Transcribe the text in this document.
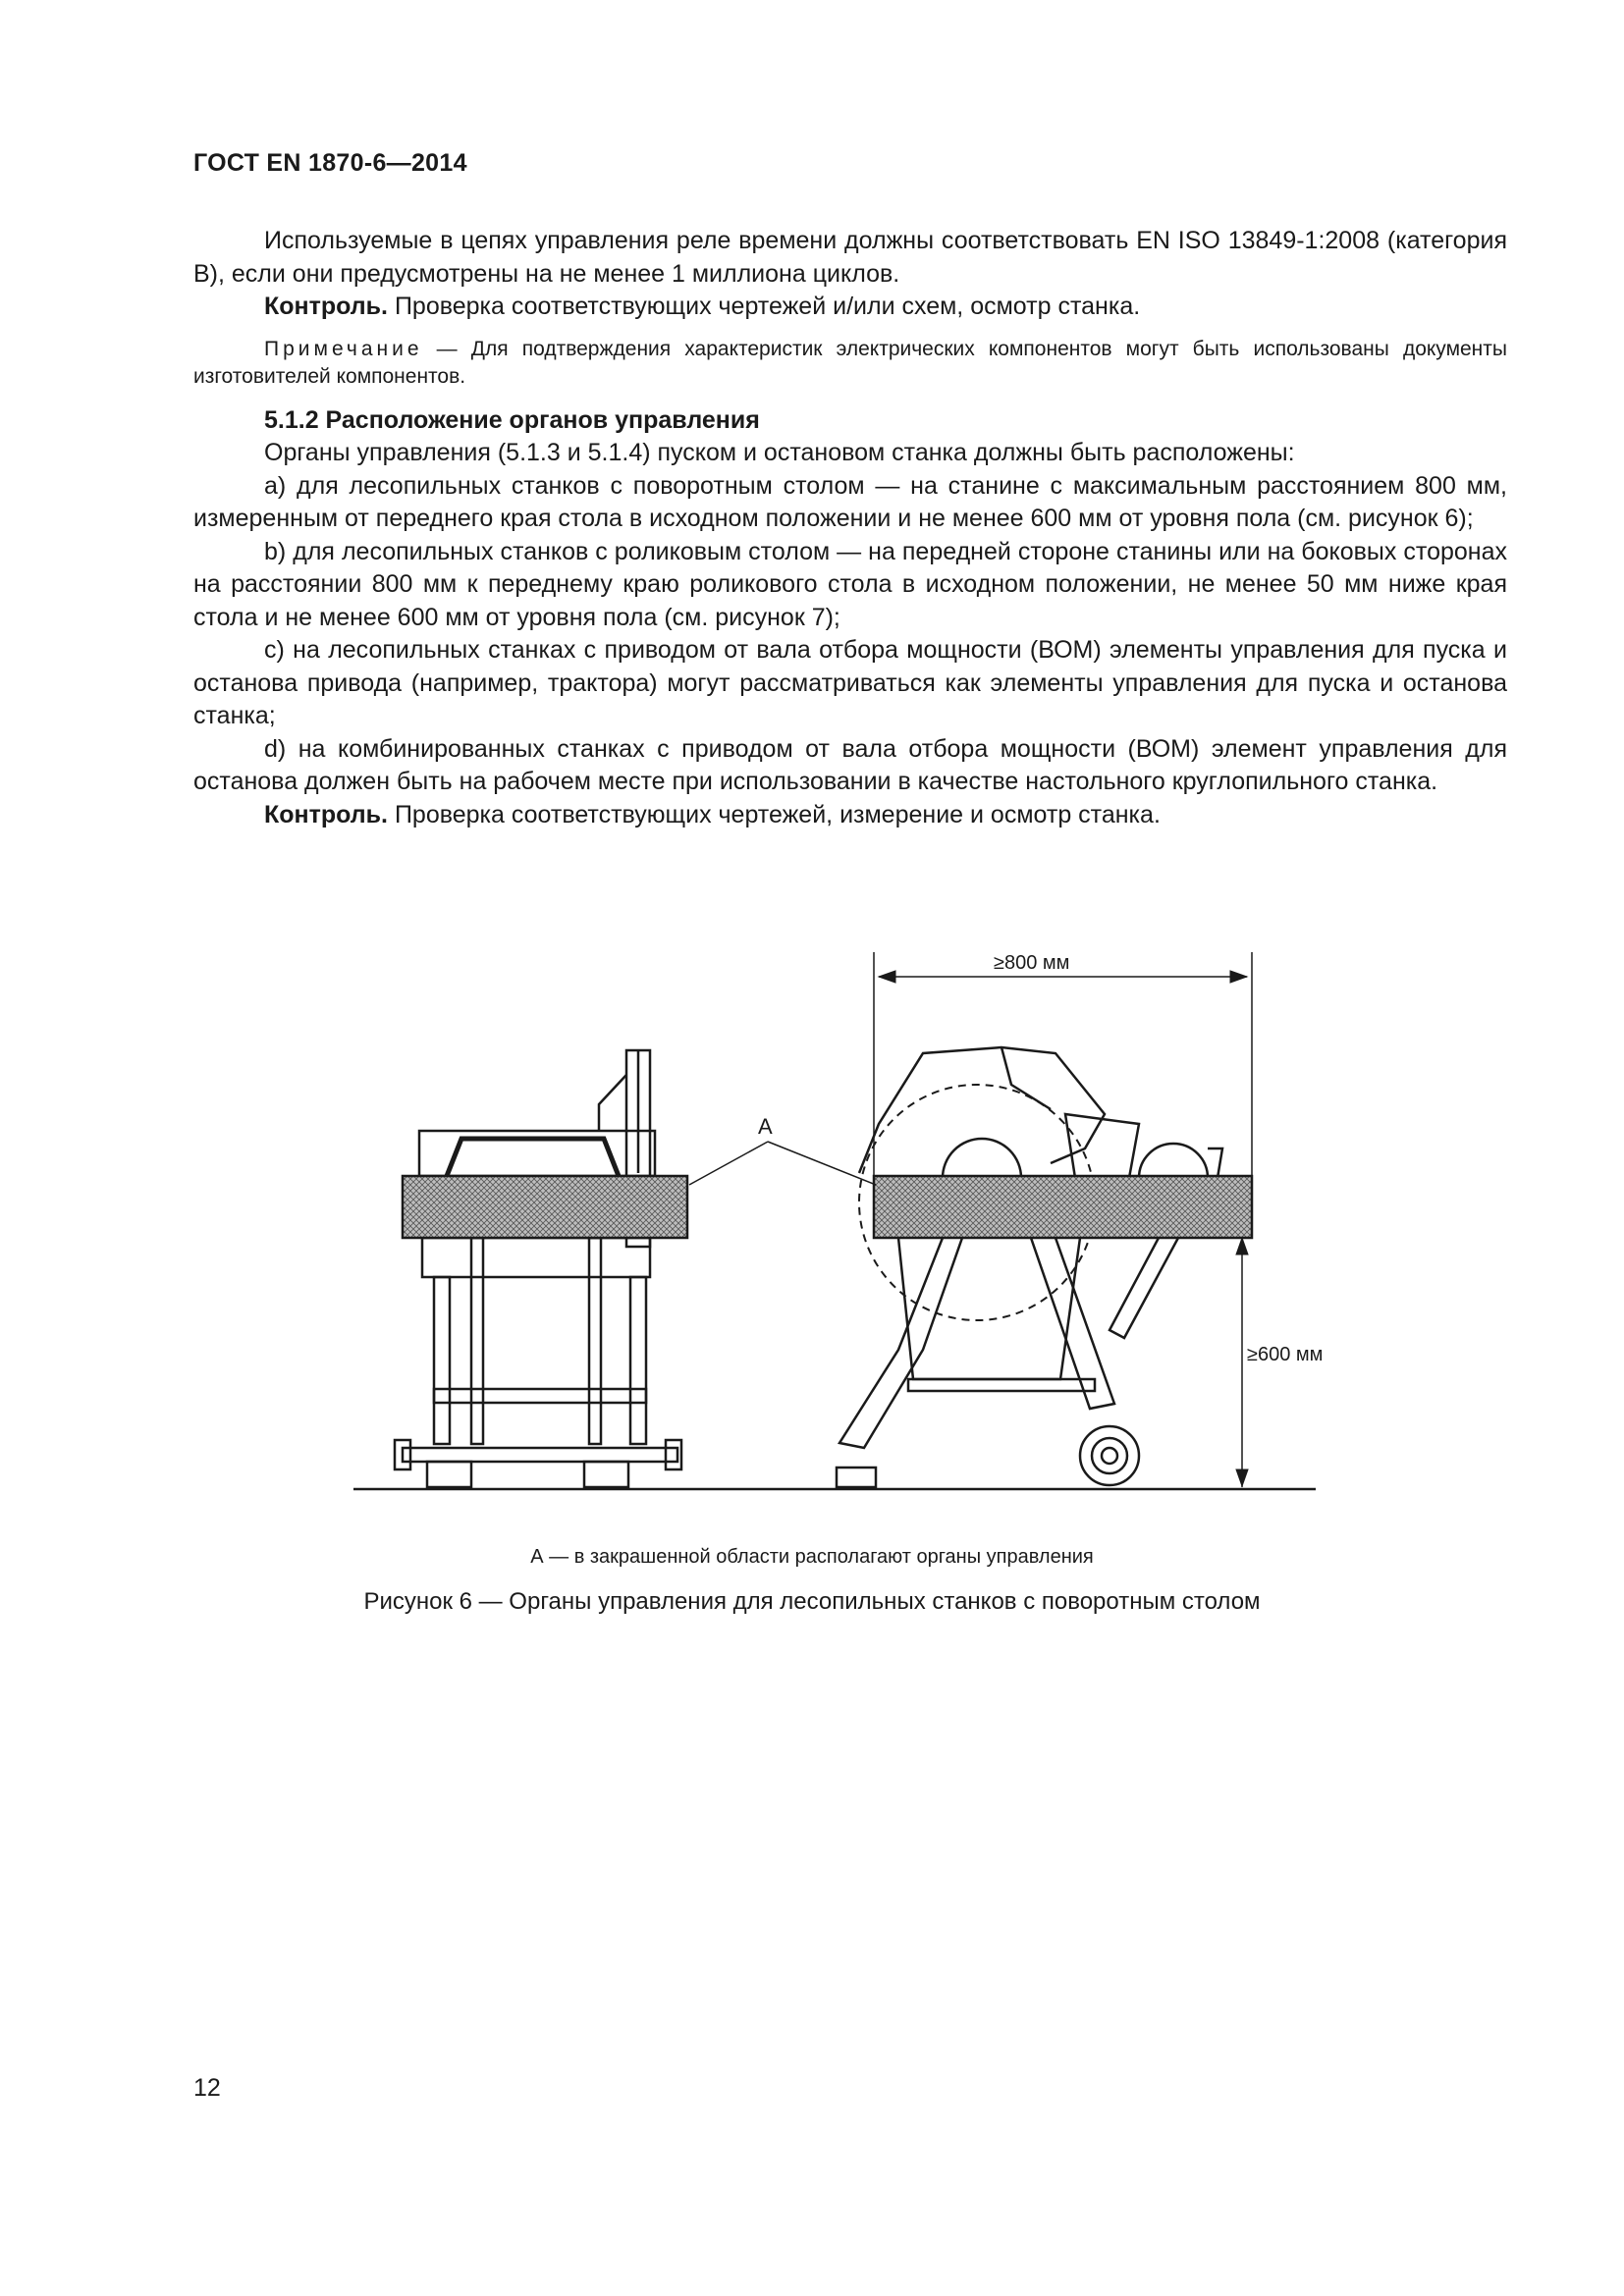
ГОСТ EN 1870-6—2014

Используемые в цепях управления реле времени должны соответствовать EN ISO 13849-1:2008 (категория В), если они предусмотрены на не менее 1 миллиона циклов.

Контроль. Проверка соответствующих чертежей и/или схем, осмотр станка.

Примечание — Для подтверждения характеристик электрических компонентов могут быть использованы документы изготовителей компонентов.

5.1.2 Расположение органов управления

Органы управления (5.1.3 и 5.1.4) пуском и остановом станка должны быть расположены:

a) для лесопильных станков с поворотным столом — на станине с максимальным расстоянием 800 мм, измеренным от переднего края стола в исходном положении и не менее 600 мм от уровня пола (см. рисунок 6);

b) для лесопильных станков с роликовым столом — на передней стороне станины или на боковых сторонах на расстоянии 800 мм к переднему краю роликового стола в исходном положении, не менее 50 мм ниже края стола и не менее 600 мм от уровня пола (см. рисунок 7);

c) на лесопильных станках с приводом от вала отбора мощности (ВОМ) элементы управления для пуска и останова привода (например, трактора) могут рассматриваться как элементы управления для пуска и останова станка;

d) на комбинированных станках с приводом от вала отбора мощности (ВОМ) элемент управления для останова должен быть на рабочем месте при использовании в качестве настольного круглопильного станка.

Контроль. Проверка соответствующих чертежей, измерение и осмотр станка.

≥800 мм
≥600 мм
А
А — в закрашенной области располагают органы управления
Рисунок 6 — Органы управления для лесопильных станков с поворотным столом
12
